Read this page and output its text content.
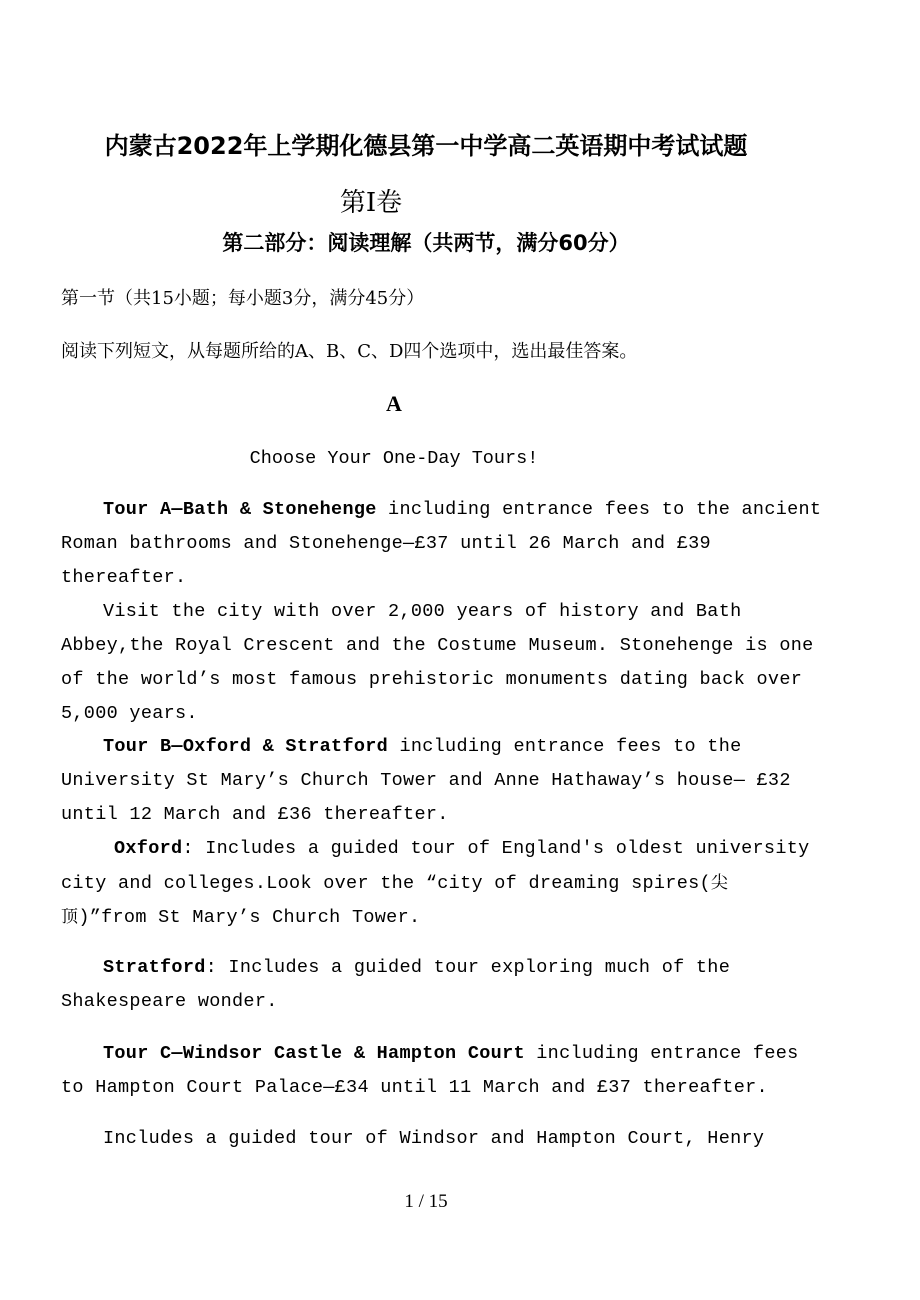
内蒙古2022年上学期化德县第一中学高二英语期中考试试题
第I卷
第二部分：阅读理解（共两节，满分60分）
第一节（共15小题；每小题3分，满分45分）
阅读下列短文，从每题所给的A、B、C、D四个选项中，选出最佳答案。
A
Choose Your One-Day Tours!
Tour A—Bath & Stonehenge including entrance fees to the ancient
Roman bathrooms and Stonehenge—£37 until 26 March and £39
thereafter.
Visit the city with over 2,000 years of history and Bath
Abbey,the Royal Crescent and the Costume Museum. Stonehenge is one
of the world’s most famous prehistoric monuments dating back over
5,000 years.
Tour B—Oxford & Stratford including entrance fees to the
University St Mary’s Church Tower and Anne Hathaway’s house— £32
until 12 March and £36 thereafter.
Oxford: Includes a guided tour of England's oldest university
city and colleges.Look over the “city of dreaming spires(尖
顶)”from St Mary’s Church Tower.
Stratford: Includes a guided tour exploring much of the
Shakespeare wonder.
Tour C—Windsor Castle & Hampton Court including entrance fees
to Hampton Court Palace—£34 until 11 March and £37 thereafter.
Includes a guided tour of Windsor and Hampton Court, Henry
1 / 15
